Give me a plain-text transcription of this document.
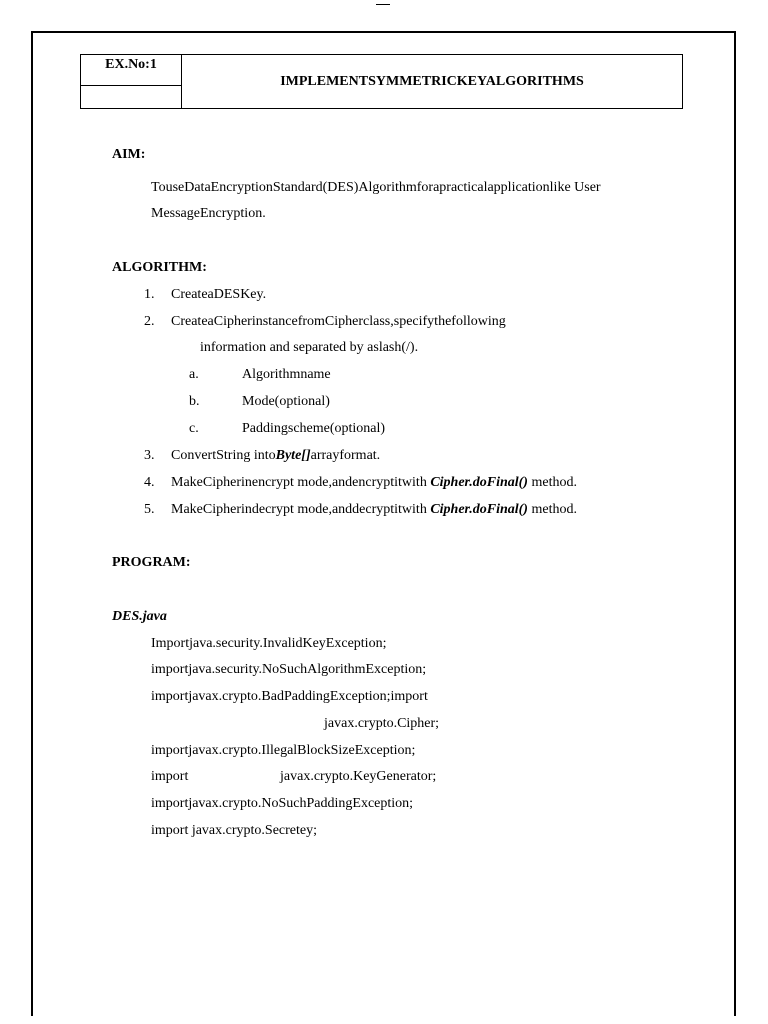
EX.No:1	IMPLEMENTSYMMETRICKEYALGORITHMS

AIM:
TouseDataEncryptionStandard(DES)Algorithmforapracticalapplicationlike User
MessageEncryption.
ALGORITHM:
1. CreateaDESKey.
2. CreateaCipherinstancefromCipherclass,specifythefollowing
information and separated by aslash(/).
a.	Algorithmname
b.	Mode(optional)
c.	Paddingscheme(optional)
3. ConvertString intoByte[]arrayformat.
4. MakeCipherinencrypt mode,andencryptitwith Cipher.doFinal() method.
5. MakeCipherindecrypt mode,anddecryptitwith Cipher.doFinal() method.
PROGRAM:
DES.java
Importjava.security.InvalidKeyException;
importjava.security.NoSuchAlgorithmException;
importjavax.crypto.BadPaddingException;import
javax.crypto.Cipher;
importjavax.crypto.IllegalBlockSizeException;
import	javax.crypto.KeyGenerator;
importjavax.crypto.NoSuchPaddingException;
import javax.crypto.Secretey;
